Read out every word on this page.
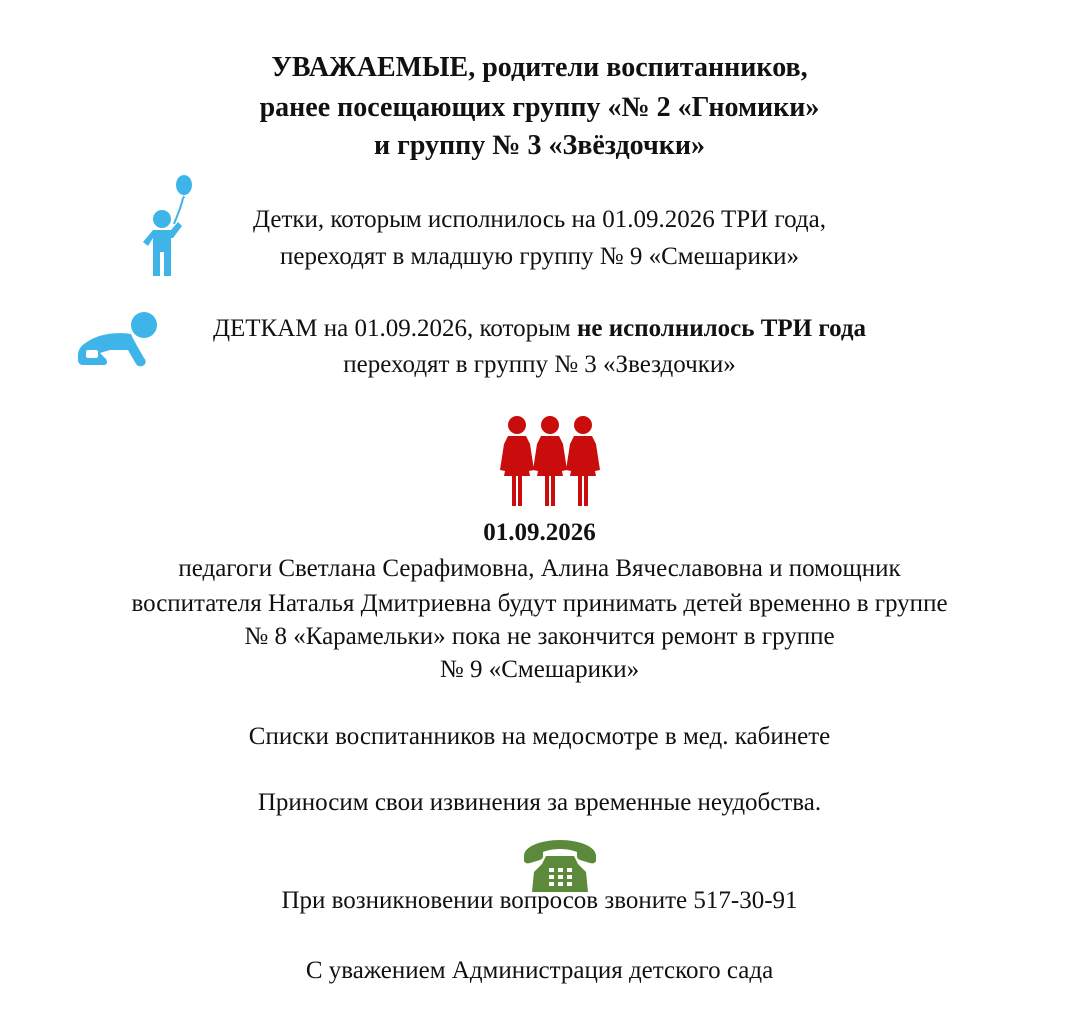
УВАЖАЕМЫЕ, родители воспитанников,
ранее посещающих группу «№ 2 «Гномики»
и группу № 3 «Звёздочки»
Детки, которым исполнилось на 01.09.2026 ТРИ года,
переходят в младшую группу № 9 «Смешарики»
ДЕТКАМ на 01.09.2026, которым не исполнилось ТРИ года
переходят в группу № 3 «Звездочки»
01.09.2026
педагоги Светлана Серафимовна, Алина Вячеславовна и помощник
воспитателя Наталья Дмитриевна будут принимать детей временно в группе
№ 8 «Карамельки» пока не закончится ремонт в группе
№ 9 «Смешарики»
Списки воспитанников на медосмотре в мед. кабинете
Приносим свои извинения за временные неудобства.
При возникновении вопросов звоните 517-30-91
С уважением Администрация детского сада
